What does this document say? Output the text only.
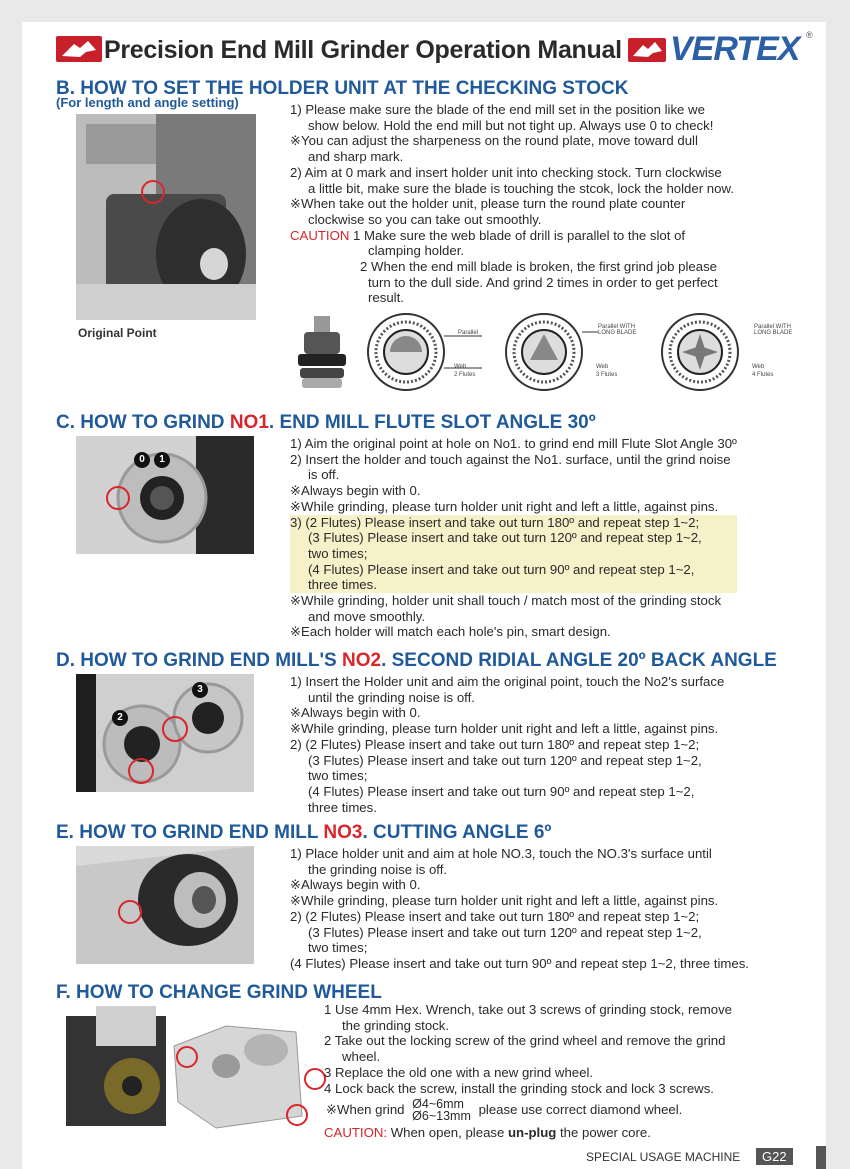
Precision End Mill Grinder Operation Manual VERTEX ®
B. HOW TO SET THE HOLDER UNIT AT THE CHECKING STOCK
(For length and angle setting)
Original Point

1) Please make sure the blade of the end mill set in the position like we

show below. Hold the end mill but not tight up. Always use 0 to check!

※You can adjust the sharpeness on the round plate, move toward dull

and sharp mark.

2) Aim at 0 mark and insert holder unit into checking stock. Turn clockwise

a little bit, make sure the blade is touching the stcok, lock the holder now.

※When take out the holder unit, please turn the round plate counter

clockwise so you can take out smoothly.

CAUTION 1 Make sure the web blade of drill is parallel to the slot of

clamping holder.

2 When the end mill blade is broken, the first grind job please

turn to the dull side. And grind 2 times in order to get perfect

result.

Parallel
Web
2 Flutes
Parallel WITH LONG BLADE
Web
3 Flutes
Parallel WITH LONG BLADE
Web
4 Flutes
C. HOW TO GRIND NO1. END MILL FLUTE SLOT ANGLE 30º
0	1

1) Aim the original point at hole on No1. to grind end mill Flute Slot Angle 30º

2) Insert the holder and touch against the No1. surface, until the grind noise

is off.

※Always begin with 0.

※While grinding, please turn holder unit right and left a little, against pins.

3) (2 Flutes) Please insert and take out turn 180º and repeat step 1~2;

(3 Flutes) Please insert and take out turn 120º and repeat step 1~2,

two times;

(4 Flutes) Please insert and take out turn 90º and repeat step 1~2,

three times.

※While grinding, holder unit shall touch / match most of the grinding stock

and move smoothly.

※Each holder will match each hole's pin, smart design.

D. HOW TO GRIND END MILL'S NO2. SECOND RIDIAL ANGLE 20º BACK ANGLE
2
3

1) Insert the Holder unit and aim the original point, touch the No2's surface

until the grinding noise is off.

※Always begin with 0.

※While grinding, please turn holder unit right and left a little, against pins.

2) (2 Flutes) Please insert and take out turn 180º and repeat step 1~2;

(3 Flutes) Please insert and take out turn 120º and repeat step 1~2,

two times;

(4 Flutes) Please insert and take out turn 90º and repeat step 1~2,

three times.

E. HOW TO GRIND END MILL NO3. CUTTING ANGLE 6º

1) Place holder unit and aim at hole NO.3, touch the NO.3's surface until

the grinding noise is off.

※Always begin with 0.

※While grinding, please turn holder unit right and left a little, against pins.

2) (2 Flutes) Please insert and take out turn 180º and repeat step 1~2;

(3 Flutes) Please insert and take out turn 120º and repeat step 1~2,

two times;

(4 Flutes) Please insert and take out turn 90º and repeat step 1~2, three times.

F. HOW TO CHANGE GRIND WHEEL

1 Use 4mm Hex. Wrench, take out 3 screws of grinding stock, remove

the grinding stock.

2 Take out the locking screw of the grind wheel and remove the grind

wheel.

3 Replace the old one with a new grind wheel.

4 Lock back the screw, install the grinding stock and lock 3 screws.

※When grind Ø4~6mm
Ø6~13mm please use correct diamond wheel.

CAUTION: When open, please un-plug the power core.

SPECIAL USAGE MACHINE	G22
